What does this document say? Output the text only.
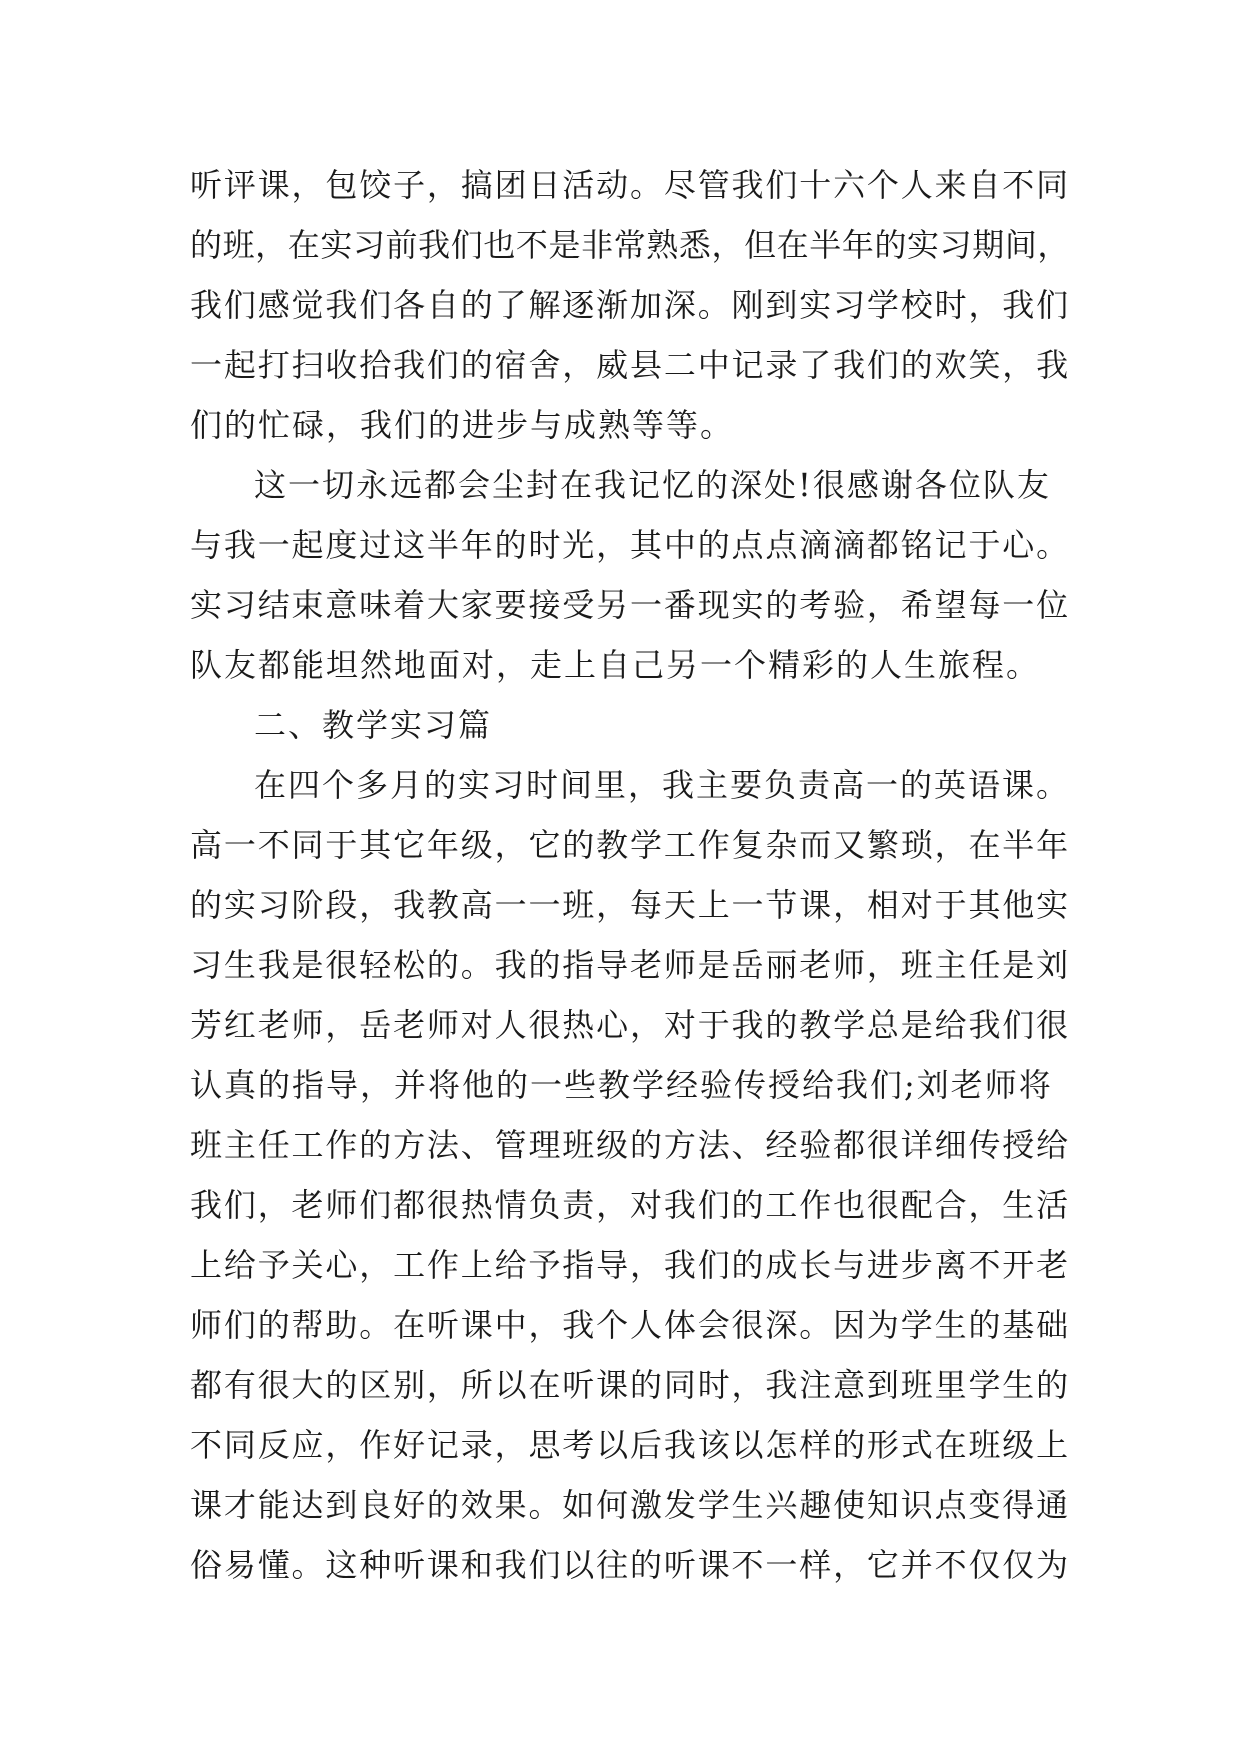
听评课，包饺子，搞团日活动。尽管我们十六个人来自不同
的班，在实习前我们也不是非常熟悉，但在半年的实习期间，
我们感觉我们各自的了解逐渐加深。刚到实习学校时，我们
一起打扫收拾我们的宿舍，威县二中记录了我们的欢笑，我
们的忙碌，我们的进步与成熟等等。
这一切永远都会尘封在我记忆的深处!很感谢各位队友
与我一起度过这半年的时光，其中的点点滴滴都铭记于心。
实习结束意味着大家要接受另一番现实的考验，希望每一位
队友都能坦然地面对，走上自己另一个精彩的人生旅程。
二、教学实习篇
在四个多月的实习时间里，我主要负责高一的英语课。
高一不同于其它年级，它的教学工作复杂而又繁琐，在半年
的实习阶段，我教高一一班，每天上一节课，相对于其他实
习生我是很轻松的。我的指导老师是岳丽老师，班主任是刘
芳红老师，岳老师对人很热心，对于我的教学总是给我们很
认真的指导，并将他的一些教学经验传授给我们;刘老师将
班主任工作的方法、管理班级的方法、经验都很详细传授给
我们，老师们都很热情负责，对我们的工作也很配合，生活
上给予关心，工作上给予指导，我们的成长与进步离不开老
师们的帮助。在听课中，我个人体会很深。因为学生的基础
都有很大的区别，所以在听课的同时，我注意到班里学生的
不同反应，作好记录，思考以后我该以怎样的形式在班级上
课才能达到良好的效果。如何激发学生兴趣使知识点变得通
俗易懂。这种听课和我们以往的听课不一样，它并不仅仅为
